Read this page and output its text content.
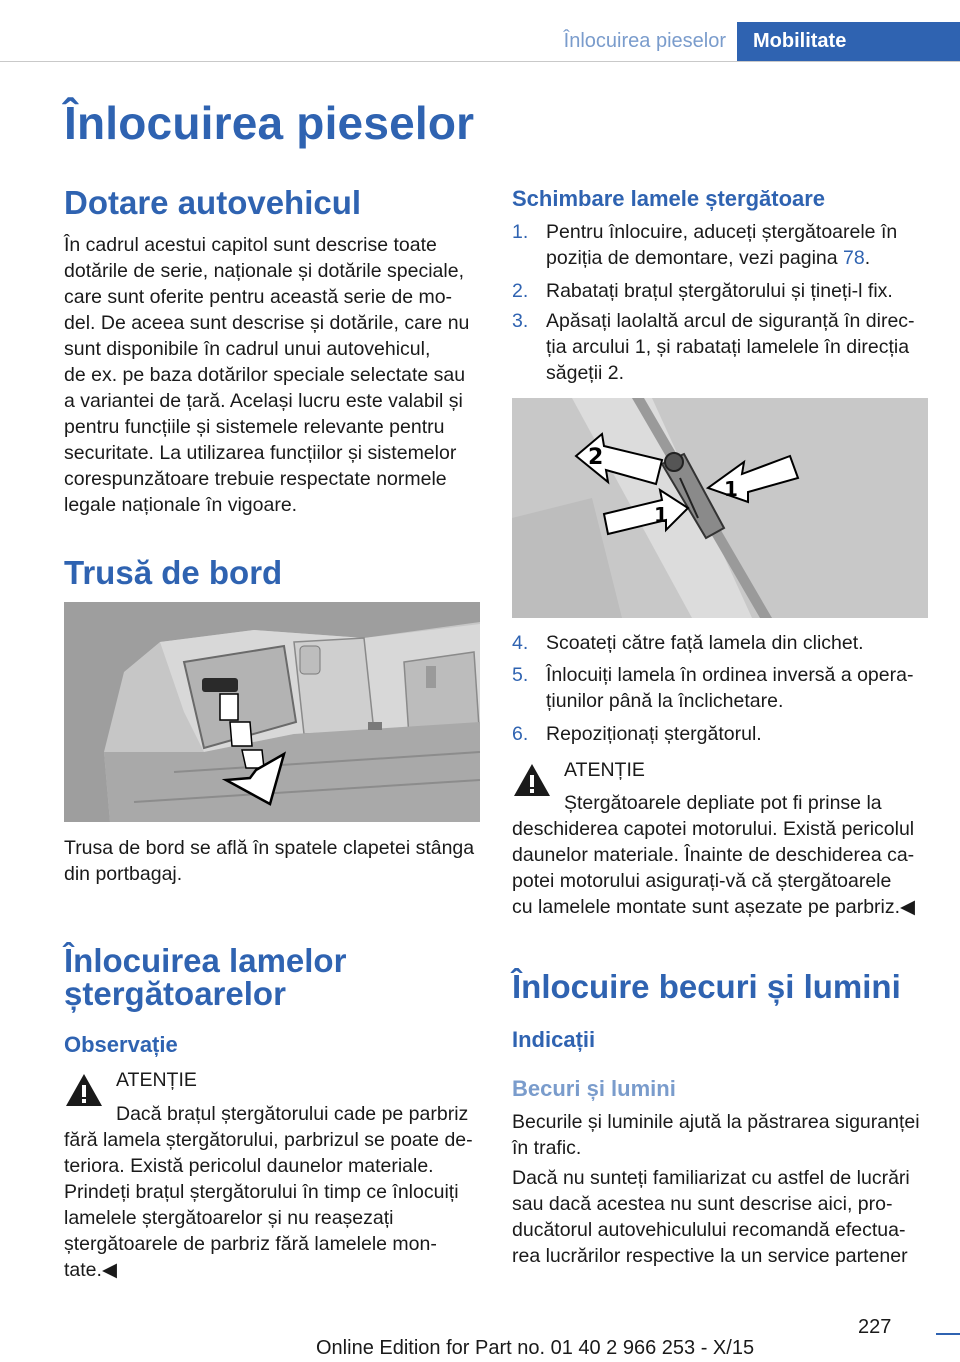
Înlocuirea pieselor	Mobilitate
Înlocuirea pieselor
Dotare autovehicul
În cadrul acestui capitol sunt descrise toate
dotările de serie, naționale și dotările speciale,
care sunt oferite pentru această serie de mo‐
del. De aceea sunt descrise și dotările, care nu
sunt disponibile în cadrul unui autovehicul,
de ex. pe baza dotărilor speciale selectate sau
a variantei de țară. Același lucru este valabil și
pentru funcțiile și sistemele relevante pentru
securitate. La utilizarea funcțiilor și sistemelor
corespunzătoare trebuie respectate normele
legale naționale în vigoare.
Trusă de bord
Trusa de bord se află în spatele clapetei stânga
din portbagaj.
Înlocuirea lamelor
ștergătoarelor
Observație
ATENȚIE
Dacă brațul ștergătorului cade pe parbriz
fără lamela ștergătorului, parbrizul se poate de‐
teriora. Există pericolul daunelor materiale.
Prindeți brațul ștergătorului în timp ce înlocuiți
lamelele ștergătoarelor și nu reașezați
ștergătoarele de parbriz fără lamelele mon‐
tate.◀
Schimbare lamele ștergătoare
1. Pentru înlocuire, aduceți ștergătoarele în
poziția de demontare, vezi pagina 78.
2. Rabatați brațul ștergătorului și țineți-l fix.
3. Apăsați laolaltă arcul de siguranță în direc‐
ția arcului 1, și rabatați lamelele în direcția
săgeții 2.
2
1
1
4. Scoateți către față lamela din clichet.
5. Înlocuiți lamela în ordinea inversă a opera‐
țiunilor până la înclichetare.
6. Repoziționați ștergătorul.
ATENȚIE
Ștergătoarele depliate pot fi prinse la
deschiderea capotei motorului. Există pericolul
daunelor materiale. Înainte de deschiderea ca‐
potei motorului asigurați-vă că ștergătoarele
cu lamelele montate sunt așezate pe parbriz.◀
Înlocuire becuri și lumini
Indicații
Becuri și lumini
Becurile și luminile ajută la păstrarea siguranței
în trafic.
Dacă nu sunteți familiarizat cu astfel de lucrări
sau dacă acestea nu sunt descrise aici, pro‐
ducătorul autovehiculului recomandă efectua‐
rea lucrărilor respective la un service partener
227
Online Edition for Part no. 01 40 2 966 253 - X/15
